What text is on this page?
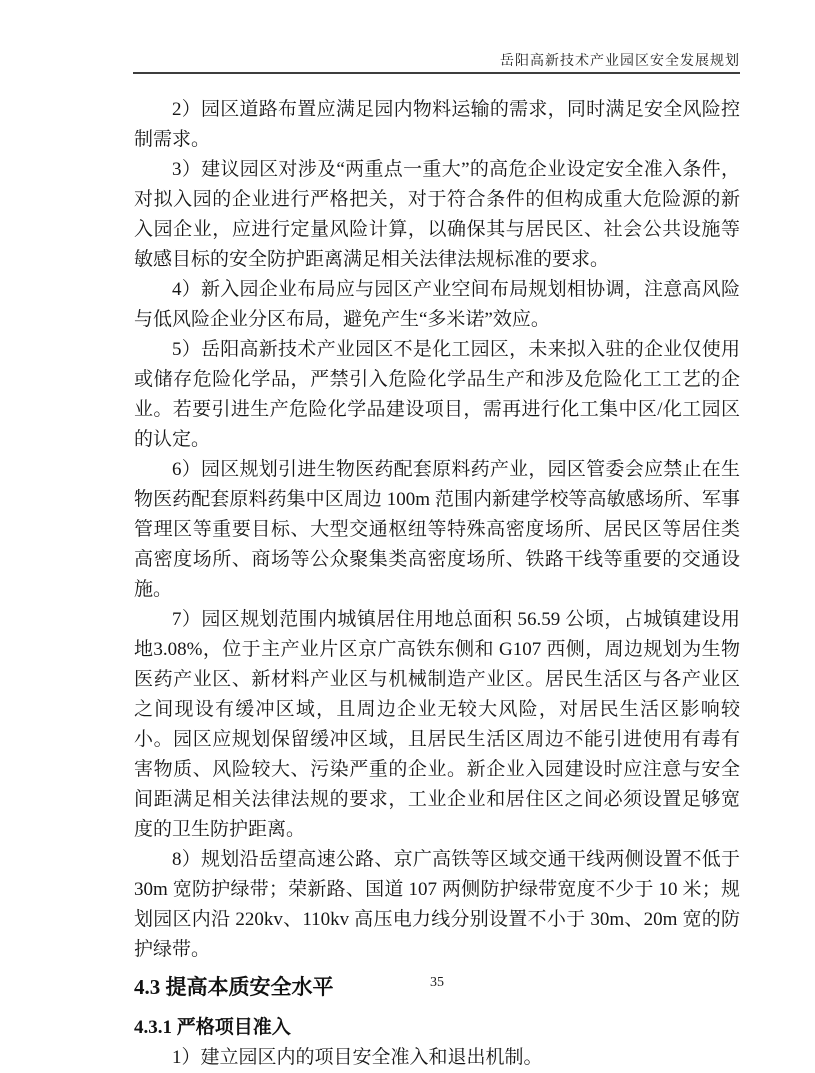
岳阳高新技术产业园区安全发展规划

2）园区道路布置应满足园内物料运输的需求，同时满足安全风险控制需求。

3）建议园区对涉及“两重点一重大”的高危企业设定安全准入条件，对拟入园的企业进行严格把关，对于符合条件的但构成重大危险源的新入园企业，应进行定量风险计算，以确保其与居民区、社会公共设施等敏感目标的安全防护距离满足相关法律法规标准的要求。

4）新入园企业布局应与园区产业空间布局规划相协调，注意高风险与低风险企业分区布局，避免产生“多米诺”效应。

5）岳阳高新技术产业园区不是化工园区，未来拟入驻的企业仅使用或储存危险化学品，严禁引入危险化学品生产和涉及危险化工工艺的企业。若要引进生产危险化学品建设项目，需再进行化工集中区/化工园区的认定。

6）园区规划引进生物医药配套原料药产业，园区管委会应禁止在生物医药配套原料药集中区周边 100m 范围内新建学校等高敏感场所、军事管理区等重要目标、大型交通枢纽等特殊高密度场所、居民区等居住类高密度场所、商场等公众聚集类高密度场所、铁路干线等重要的交通设施。

7）园区规划范围内城镇居住用地总面积 56.59 公顷，占城镇建设用地3.08%，位于主产业片区京广高铁东侧和 G107 西侧，周边规划为生物医药产业区、新材料产业区与机械制造产业区。居民生活区与各产业区之间现设有缓冲区域，且周边企业无较大风险，对居民生活区影响较小。园区应规划保留缓冲区域，且居民生活区周边不能引进使用有毒有害物质、风险较大、污染严重的企业。新企业入园建设时应注意与安全间距满足相关法律法规的要求，工业企业和居住区之间必须设置足够宽度的卫生防护距离。

8）规划沿岳望高速公路、京广高铁等区域交通干线两侧设置不低于 30m 宽防护绿带；荣新路、国道 107 两侧防护绿带宽度不少于 10 米；规划园区内沿 220kv、110kv 高压电力线分别设置不小于 30m、20m 宽的防护绿带。

4.3 提高本质安全水平
4.3.1 严格项目准入

1）建立园区内的项目安全准入和退出机制。

35
